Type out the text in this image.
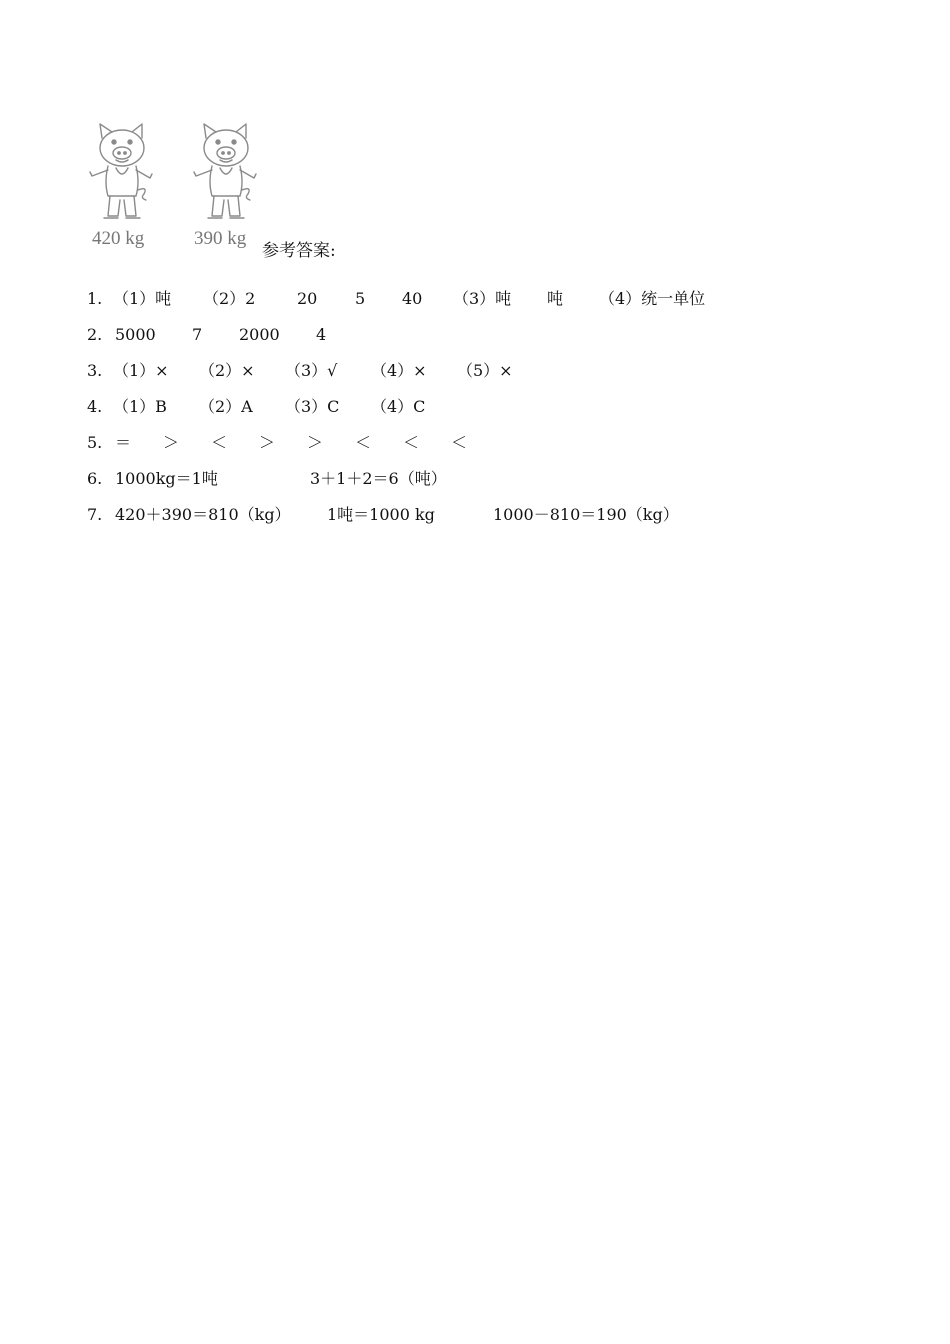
420 kg	390 kg
参考答案:
1. （1）吨 （2）2	20 5 40 （3）吨 吨 （4）统一单位
2. 5000 7 2000 4
3. （1）× （2）× （3）√ （4）× （5）×
4. （1）B （2）A （3）C （4）C
5. ＝ ＞ ＜ ＞ ＞ ＜ ＜ ＜
6. 1000kg＝1吨	3＋1＋2＝6（吨）
7. 420＋390＝810（kg） 1吨＝1000 kg	1000－810＝190（kg）
